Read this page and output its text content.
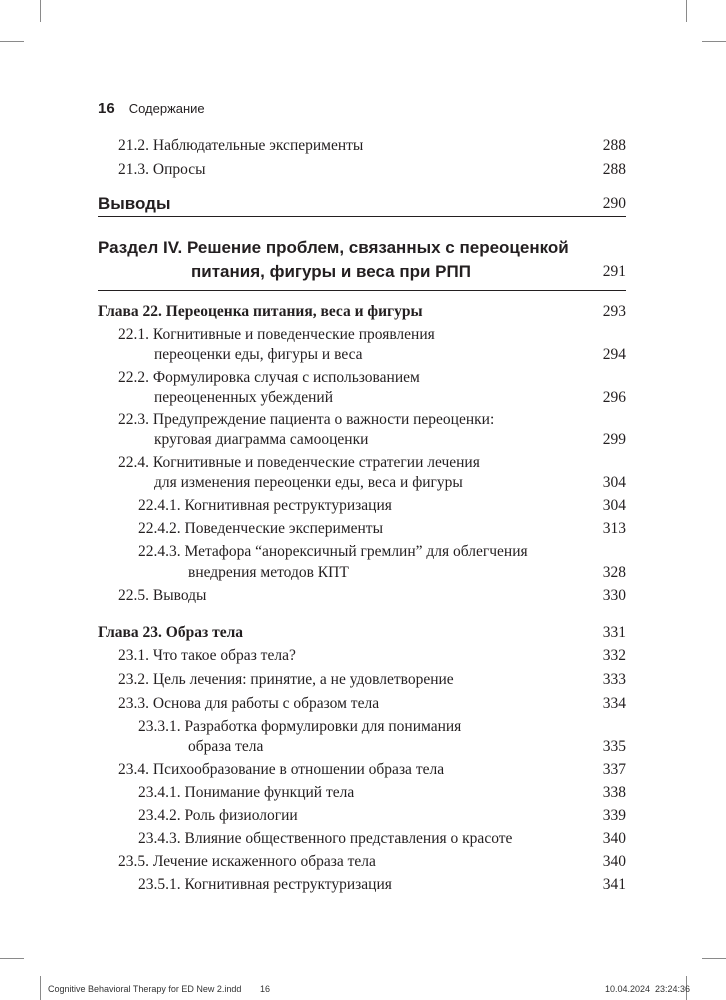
16 Содержание
21.2. Наблюдательные эксперименты	288
21.3. Опросы	288
Выводы	290
Раздел IV. Решение проблем, связанных с переоценкой
питания, фигуры и веса при РПП	291
Глава 22. Переоценка питания, веса и фигуры	293
22.1. Когнитивные и поведенческие проявления
переоценки еды, фигуры и веса	294
22.2. Формулировка случая с использованием
переоцененных убеждений	296
22.3. Предупреждение пациента о важности переоценки:
круговая диаграмма самооценки	299
22.4. Когнитивные и поведенческие стратегии лечения
для изменения переоценки еды, веса и фигуры	304
22.4.1. Когнитивная реструктуризация	304
22.4.2. Поведенческие эксперименты	313
22.4.3. Метафора “анорексичный гремлин” для облегчения
внедрения методов КПТ	328
22.5. Выводы	330
Глава 23. Образ тела	331
23.1. Что такое образ тела?	332
23.2. Цель лечения: принятие, а не удовлетворение	333
23.3. Основа для работы с образом тела	334
23.3.1. Разработка формулировки для понимания
образа тела	335
23.4. Психообразование в отношении образа тела	337
23.4.1. Понимание функций тела	338
23.4.2. Роль физиологии	339
23.4.3. Влияние общественного представления о красоте	340
23.5. Лечение искаженного образа тела	340
23.5.1. Когнитивная реструктуризация	341
Cognitive Behavioral Therapy for ED New 2.indd 16	10.04.2024 23:24:36
